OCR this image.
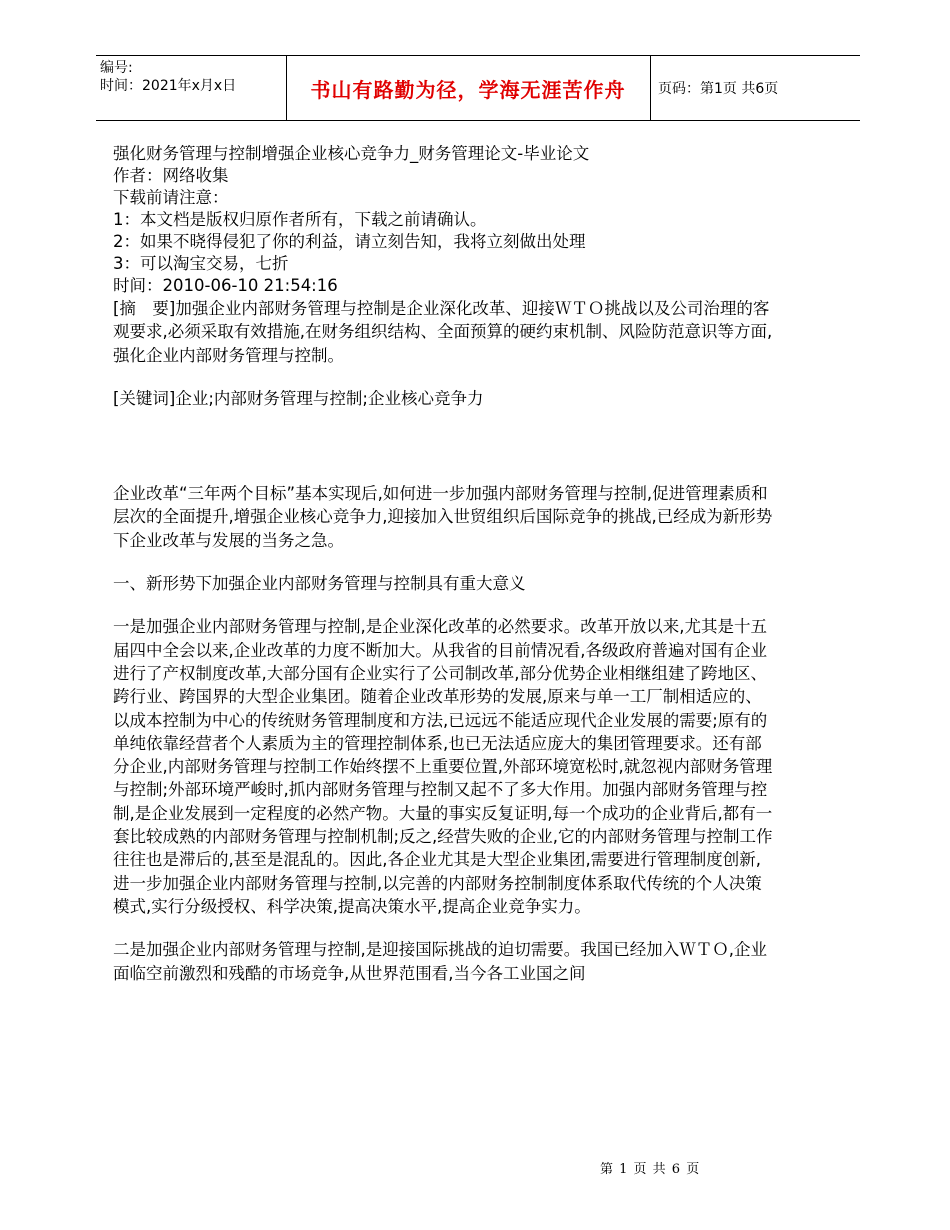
编号:
时间：2021年x月x日	书山有路勤为径，学海无涯苦作舟	页码：第1页 共6页

强化财务管理与控制增强企业核心竞争力_财务管理论文-毕业论文

作者：网络收集

下载前请注意：

1：本文档是版权归原作者所有，下载之前请确认。

2：如果不晓得侵犯了你的利益，请立刻告知，我将立刻做出处理

3：可以淘宝交易，七折

时间：2010-06-10 21:54:16

[摘　要]加强企业内部财务管理与控制是企业深化改革、迎接ＷＴＯ挑战以及公司治理的客观要求,必须采取有效措施,在财务组织结构、全面预算的硬约束机制、风险防范意识等方面,强化企业内部财务管理与控制。

[关键词]企业;内部财务管理与控制;企业核心竞争力

企业改革“三年两个目标”基本实现后,如何进一步加强内部财务管理与控制,促进管理素质和层次的全面提升,增强企业核心竞争力,迎接加入世贸组织后国际竞争的挑战,已经成为新形势下企业改革与发展的当务之急。

一、新形势下加强企业内部财务管理与控制具有重大意义

一是加强企业内部财务管理与控制,是企业深化改革的必然要求。改革开放以来,尤其是十五届四中全会以来,企业改革的力度不断加大。从我省的目前情况看,各级政府普遍对国有企业进行了产权制度改革,大部分国有企业实行了公司制改革,部分优势企业相继组建了跨地区、跨行业、跨国界的大型企业集团。随着企业改革形势的发展,原来与单一工厂制相适应的、以成本控制为中心的传统财务管理制度和方法,已远远不能适应现代企业发展的需要;原有的单纯依靠经营者个人素质为主的管理控制体系,也已无法适应庞大的集团管理要求。还有部分企业,内部财务管理与控制工作始终摆不上重要位置,外部环境宽松时,就忽视内部财务管理与控制;外部环境严峻时,抓内部财务管理与控制又起不了多大作用。加强内部财务管理与控制,是企业发展到一定程度的必然产物。大量的事实反复证明,每一个成功的企业背后,都有一套比较成熟的内部财务管理与控制机制;反之,经营失败的企业,它的内部财务管理与控制工作往往也是滞后的,甚至是混乱的。因此,各企业尤其是大型企业集团,需要进行管理制度创新,进一步加强企业内部财务管理与控制,以完善的内部财务控制制度体系取代传统的个人决策模式,实行分级授权、科学决策,提高决策水平,提高企业竞争实力。

二是加强企业内部财务管理与控制,是迎接国际挑战的迫切需要。我国已经加入ＷＴＯ,企业面临空前激烈和残酷的市场竞争,从世界范围看,当今各工业国之间

第 1 页 共 6 页
